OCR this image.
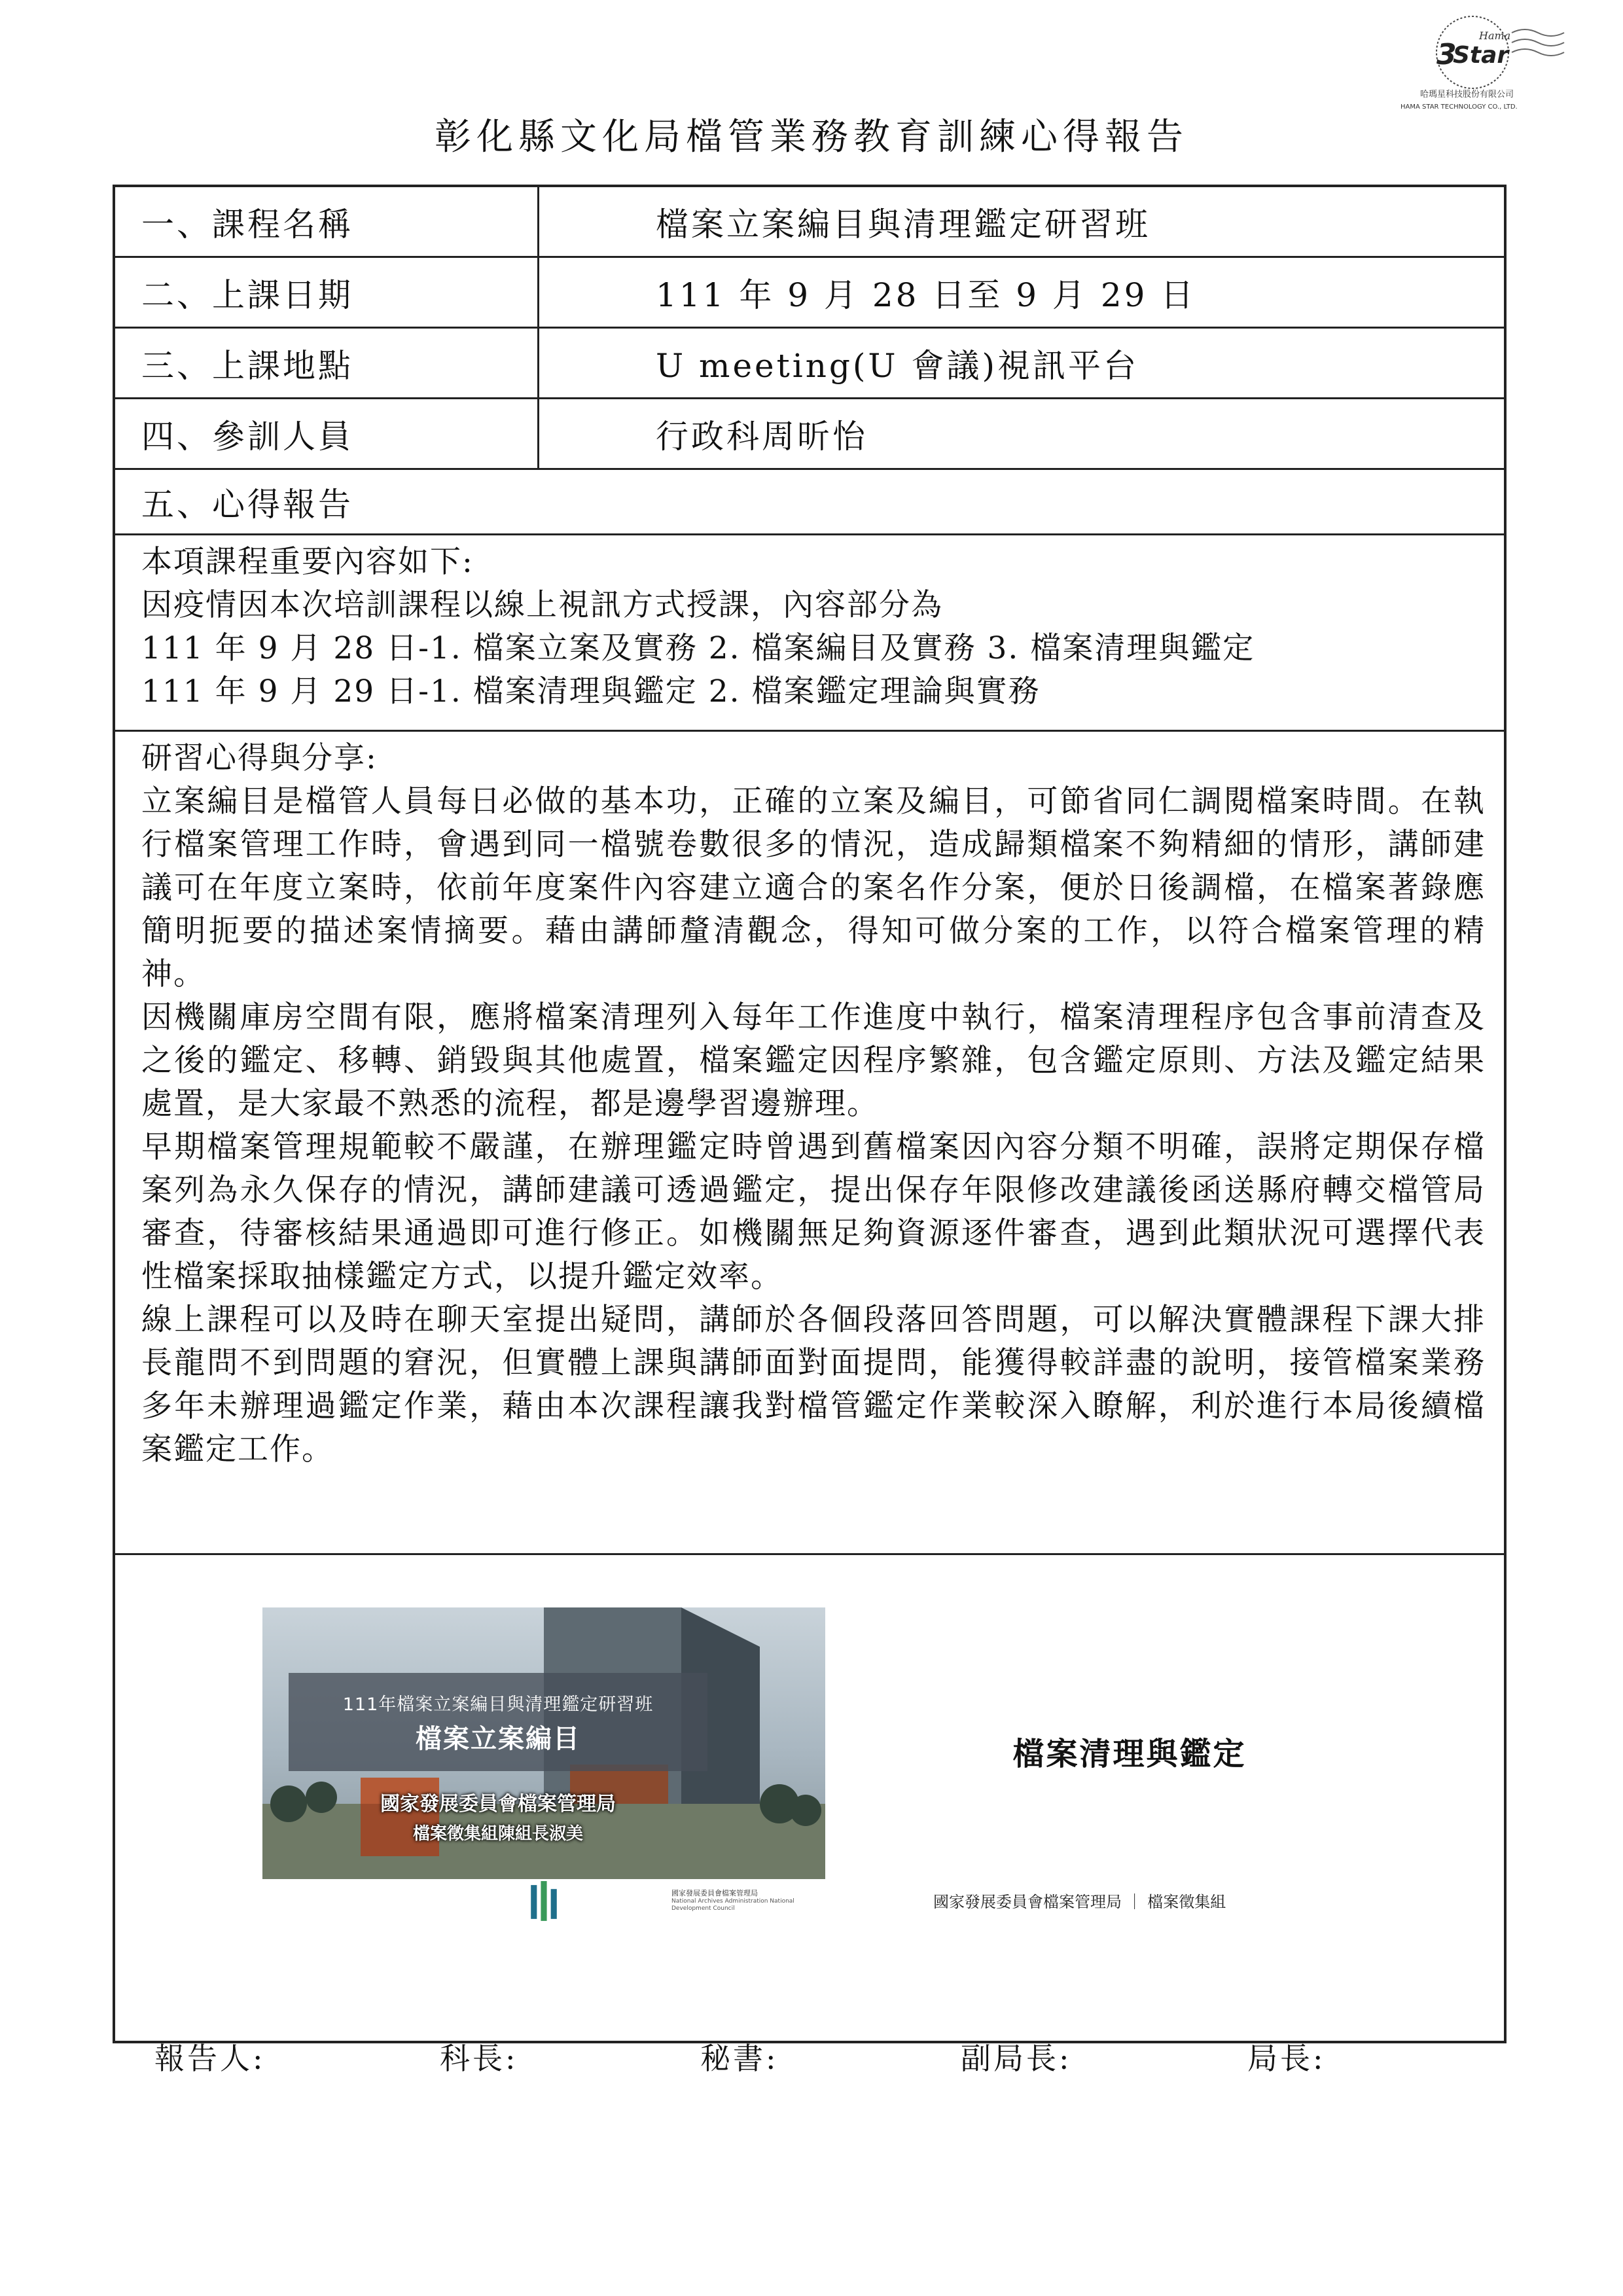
3
Star
Hama
哈瑪星科技股份有限公司
HAMA STAR TECHNOLOGY CO., LTD.
彰化縣文化局檔管業務教育訓練心得報告
一、課程名稱	檔案立案編目與清理鑑定研習班
二、上課日期	111 年 9 月 28 日至 9 月 29 日
三、上課地點	U meeting(U 會議)視訊平台
四、參訓人員	行政科周昕怡
五、心得報告

本項課程重要內容如下:

因疫情因本次培訓課程以線上視訊方式授課，內容部分為

111 年 9 月 28 日-1. 檔案立案及實務 2. 檔案編目及實務 3. 檔案清理與鑑定

111 年 9 月 29 日-1. 檔案清理與鑑定 2. 檔案鑑定理論與實務

研習心得與分享:

立案編目是檔管人員每日必做的基本功，正確的立案及編目，可節省同仁調閱檔案時間。在執行檔案管理工作時，會遇到同一檔號卷數很多的情況，造成歸類檔案不夠精細的情形，講師建議可在年度立案時，依前年度案件內容建立適合的案名作分案，便於日後調檔，在檔案著錄應簡明扼要的描述案情摘要。藉由講師釐清觀念，得知可做分案的工作，以符合檔案管理的精神。

因機關庫房空間有限，應將檔案清理列入每年工作進度中執行，檔案清理程序包含事前清查及之後的鑑定、移轉、銷毀與其他處置，檔案鑑定因程序繁雜，包含鑑定原則、方法及鑑定結果處置，是大家最不熟悉的流程，都是邊學習邊辦理。

早期檔案管理規範較不嚴謹，在辦理鑑定時曾遇到舊檔案因內容分類不明確，誤將定期保存檔案列為永久保存的情況，講師建議可透過鑑定，提出保存年限修改建議後函送縣府轉交檔管局審查，待審核結果通過即可進行修正。如機關無足夠資源逐件審查，遇到此類狀況可選擇代表性檔案採取抽樣鑑定方式，以提升鑑定效率。

線上課程可以及時在聊天室提出疑問，講師於各個段落回答問題，可以解決實體課程下課大排長龍問不到問題的窘況，但實體上課與講師面對面提問，能獲得較詳盡的說明，接管檔案業務多年未辦理過鑑定作業，藉由本次課程讓我對檔管鑑定作業較深入瞭解，利於進行本局後續檔案鑑定工作。

111年檔案立案編目與清理鑑定研習班
檔案立案編目
國家發展委員會檔案管理局
檔案徵集組陳組長淑美
國家發展委員會檔案管理局
National Archives Administration National Development Council
檔案清理與鑑定
國家發展委員會檔案管理局 ｜ 檔案徵集組
報告人:	科長:	秘書:	副局長:	局長:
